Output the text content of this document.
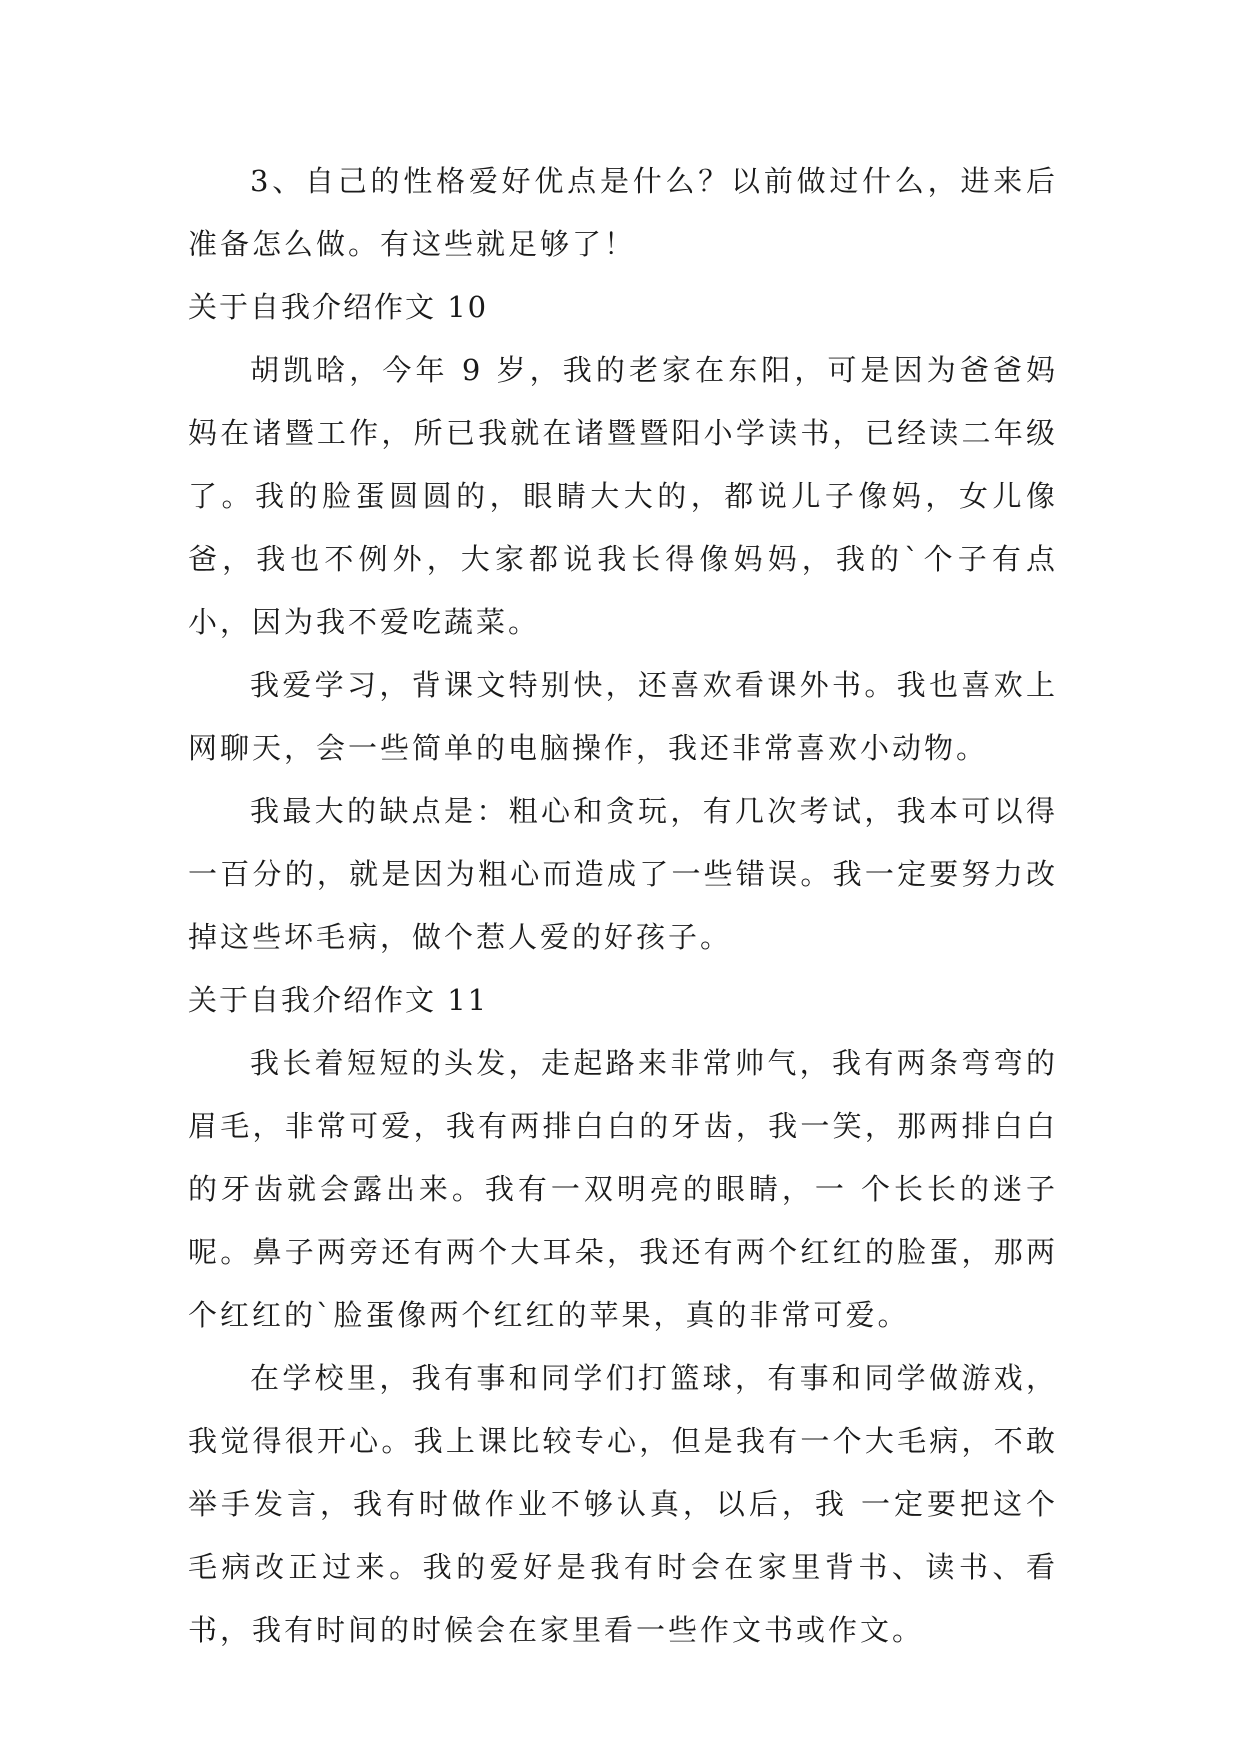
3、自己的性格爱好优点是什么？以前做过什么，进来后准备怎么做。有这些就足够了！

关于自我介绍作文 10

胡凯晗，今年 9 岁，我的老家在东阳，可是因为爸爸妈妈在诸暨工作，所已我就在诸暨暨阳小学读书，已经读二年级了。我的脸蛋圆圆的，眼睛大大的，都说儿子像妈，女儿像爸，我也不例外，大家都说我长得像妈妈，我的`个子有点小，因为我不爱吃蔬菜。

我爱学习，背课文特别快，还喜欢看课外书。我也喜欢上网聊天，会一些简单的电脑操作，我还非常喜欢小动物。

我最大的缺点是：粗心和贪玩，有几次考试，我本可以得一百分的，就是因为粗心而造成了一些错误。我一定要努力改掉这些坏毛病，做个惹人爱的好孩子。

关于自我介绍作文 11

我长着短短的头发，走起路来非常帅气，我有两条弯弯的眉毛，非常可爱，我有两排白白的牙齿，我一笑，那两排白白的牙齿就会露出来。我有一双明亮的眼睛，一 个长长的迷子呢。鼻子两旁还有两个大耳朵，我还有两个红红的脸蛋，那两个红红的`脸蛋像两个红红的苹果，真的非常可爱。

在学校里，我有事和同学们打篮球，有事和同学做游戏，我觉得很开心。我上课比较专心，但是我有一个大毛病，不敢举手发言，我有时做作业不够认真，以后，我 一定要把这个毛病改正过来。我的爱好是我有时会在家里背书、读书、看书，我有时间的时候会在家里看一些作文书或作文。
